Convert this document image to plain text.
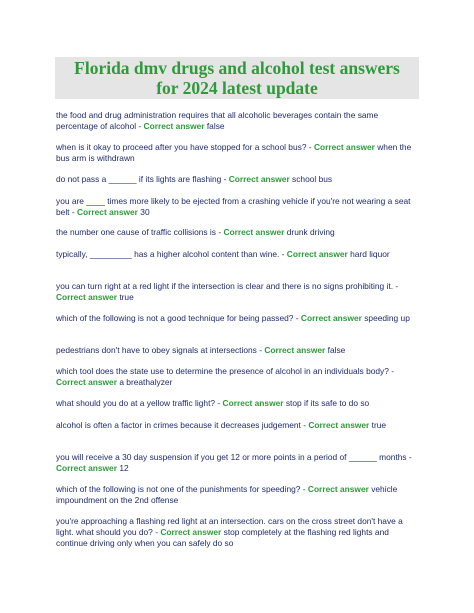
Florida dmv drugs and alcohol test answers
for 2024 latest update

the food and drug administration requires that all alcoholic beverages contain the same percentage of alcohol - Correct answer false

when is it okay to proceed after you have stopped for a school bus? - Correct answer when the bus arm is withdrawn

do not pass a ______ if its lights are flashing - Correct answer school bus

you are ____ times more likely to be ejected from a crashing vehicle if you're not wearing a seat belt - Correct answer 30

the number one cause of traffic collisions is - Correct answer drunk driving

typically, _________ has a higher alcohol content than wine. - Correct answer hard liquor

you can turn right at a red light if the intersection is clear and there is no signs prohibiting it. - Correct answer true

which of the following is not a good technique for being passed? - Correct answer speeding up

pedestrians don't have to obey signals at intersections - Correct answer false

which tool does the state use to determine the presence of alcohol in an individuals body? - Correct answer a breathalyzer

what should you do at a yellow traffic light? - Correct answer stop if its safe to do so

alcohol is often a factor in crimes because it decreases judgement - Correct answer true

you will receive a 30 day suspension if you get 12 or more points in a period of ______ months - Correct answer 12

which of the following is not one of the punishments for speeding? - Correct answer vehicle impoundment on the 2nd offense

you're approaching a flashing red light at an intersection. cars on the cross street don't have a light. what should you do? - Correct answer stop completely at the flashing red lights and continue driving only when you can safely do so
